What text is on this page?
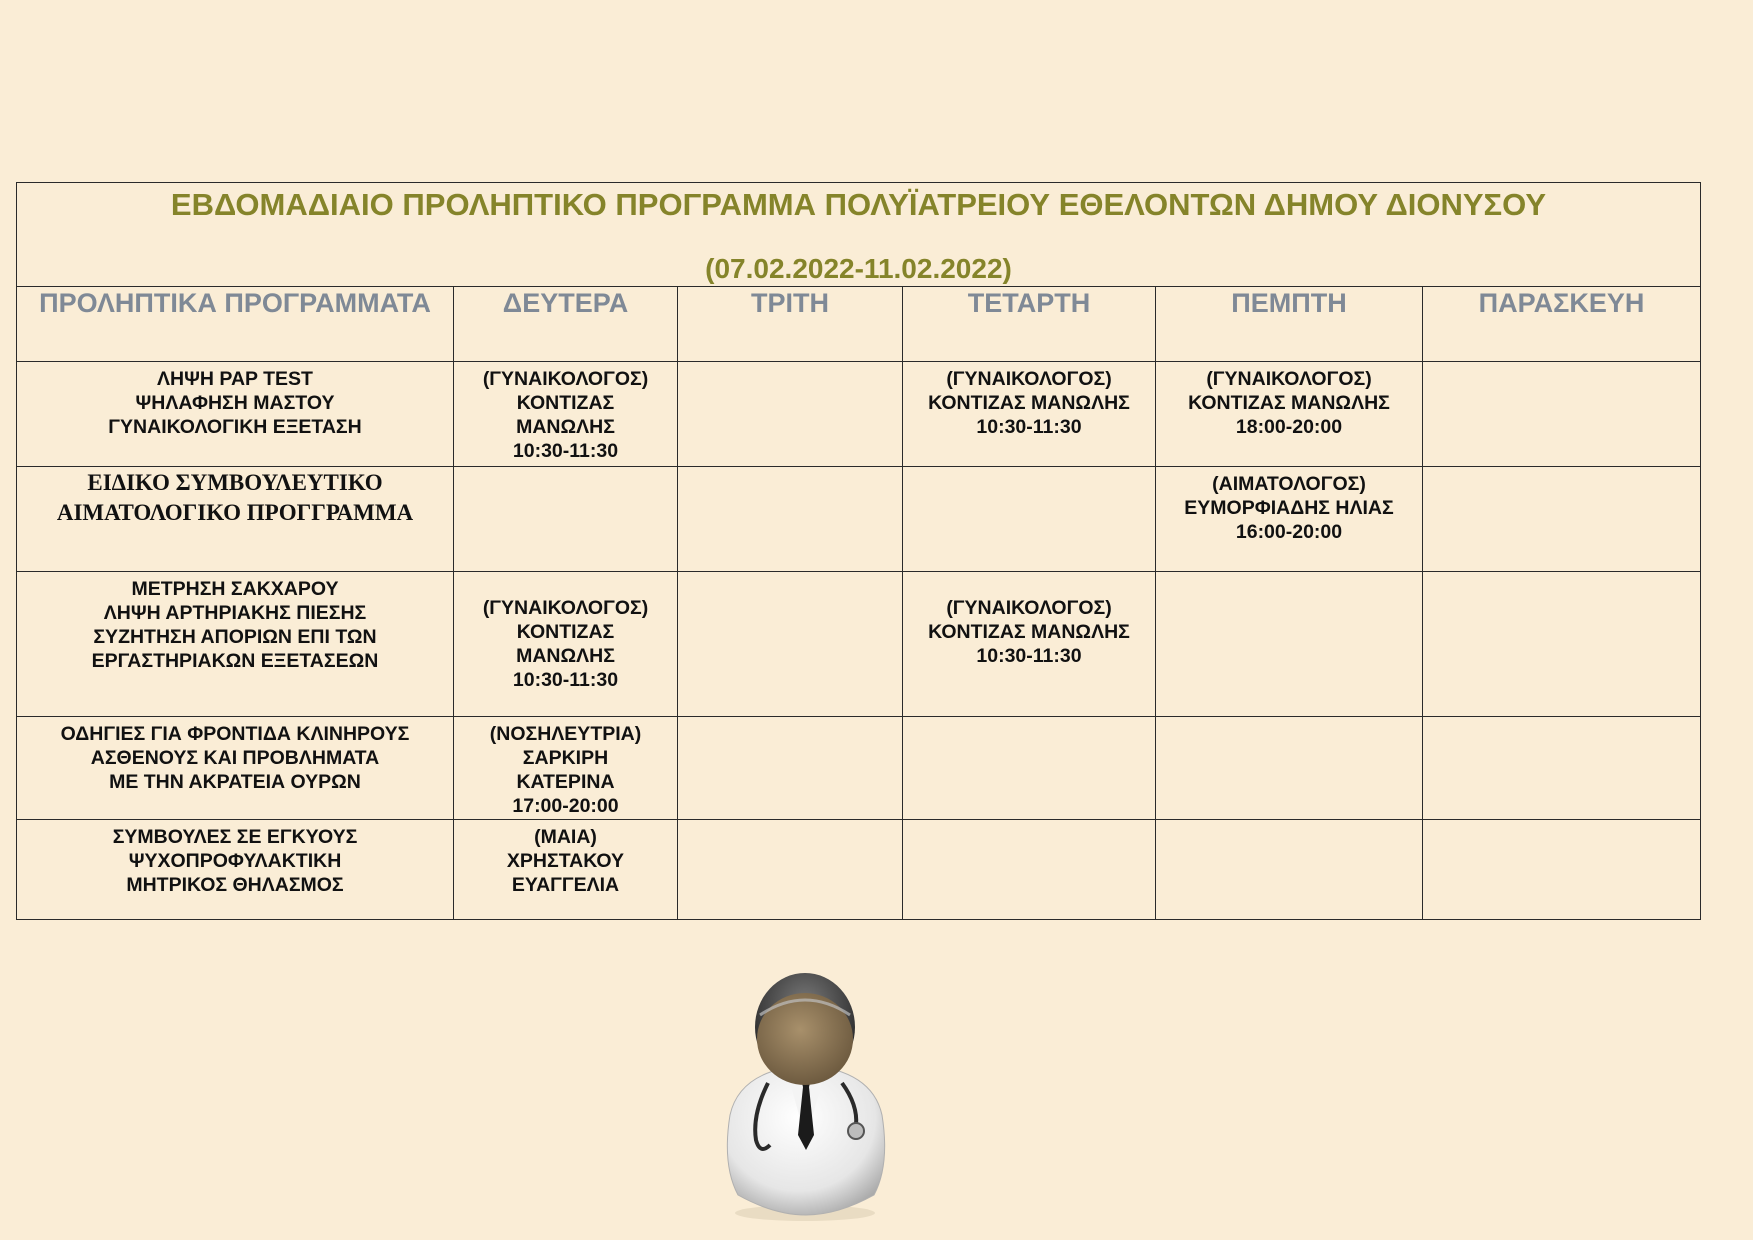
ΕΒΔΟΜΑΔΙΑΙΟ ΠΡΟΛΗΠΤΙΚΟ ΠΡΟΓΡΑΜΜΑ ΠΟΛΥΪΑΤΡΕΙΟΥ ΕΘΕΛΟΝΤΩΝ ΔΗΜΟΥ ΔΙΟΝΥΣΟΥ
(07.02.2022-11.02.2022)					

ΠΡΟΛΗΠΤΙΚΑ ΠΡΟΓΡΑΜΜΑΤΑ	ΔΕΥΤΕΡΑ	ΤΡΙΤΗ	ΤΕΤΑΡΤΗ	ΠΕΜΠΤΗ	ΠΑΡΑΣΚΕΥΗ

ΛΗΨΗ PAP TEST
ΨΗΛΑΦΗΣΗ ΜΑΣΤΟΥ
ΓΥΝΑΙΚΟΛΟΓΙΚΗ ΕΞΕΤΑΣΗ	(ΓΥΝΑΙΚΟΛΟΓΟΣ)
ΚΟΝΤΙΖΑΣ
ΜΑΝΩΛΗΣ
10:30-11:30		(ΓΥΝΑΙΚΟΛΟΓΟΣ)
ΚΟΝΤΙΖΑΣ ΜΑΝΩΛΗΣ
10:30-11:30	(ΓΥΝΑΙΚΟΛΟΓΟΣ)
ΚΟΝΤΙΖΑΣ ΜΑΝΩΛΗΣ
18:00-20:00	

ΕΙΔΙΚΟ ΣΥΜΒΟΥΛΕΥΤΙΚΟ
ΑΙΜΑΤΟΛΟΓΙΚΟ ΠΡΟΓΓΡΑΜΜΑ				(ΑΙΜΑΤΟΛΟΓΟΣ)
ΕΥΜΟΡΦΙΑΔΗΣ ΗΛΙΑΣ
16:00-20:00	

ΜΕΤΡΗΣΗ ΣΑΚΧΑΡΟΥ
ΛΗΨΗ ΑΡΤΗΡΙΑΚΗΣ ΠΙΕΣΗΣ
ΣΥΖΗΤΗΣΗ ΑΠΟΡΙΩΝ ΕΠΙ ΤΩΝ
ΕΡΓΑΣΤΗΡΙΑΚΩΝ ΕΞΕΤΑΣΕΩΝ	(ΓΥΝΑΙΚΟΛΟΓΟΣ)
ΚΟΝΤΙΖΑΣ
ΜΑΝΩΛΗΣ
10:30-11:30		(ΓΥΝΑΙΚΟΛΟΓΟΣ)
ΚΟΝΤΙΖΑΣ ΜΑΝΩΛΗΣ
10:30-11:30		

ΟΔΗΓΙΕΣ ΓΙΑ ΦΡΟΝΤΙΔΑ ΚΛΙΝΗΡΟΥΣ
ΑΣΘΕΝΟΥΣ ΚΑΙ ΠΡΟΒΛΗΜΑΤΑ
ΜΕ ΤΗΝ ΑΚΡΑΤΕΙΑ ΟΥΡΩΝ	(ΝΟΣΗΛΕΥΤΡΙΑ)
ΣΑΡΚΙΡΗ
ΚΑΤΕΡΙΝΑ
17:00-20:00				

ΣΥΜΒΟΥΛΕΣ ΣΕ ΕΓΚΥΟΥΣ
ΨΥΧΟΠΡΟΦΥΛΑΚΤΙΚΗ
ΜΗΤΡΙΚΟΣ ΘΗΛΑΣΜΟΣ	(ΜΑΙΑ)
ΧΡΗΣΤΑΚΟΥ
ΕΥΑΓΓΕΛΙΑ				
